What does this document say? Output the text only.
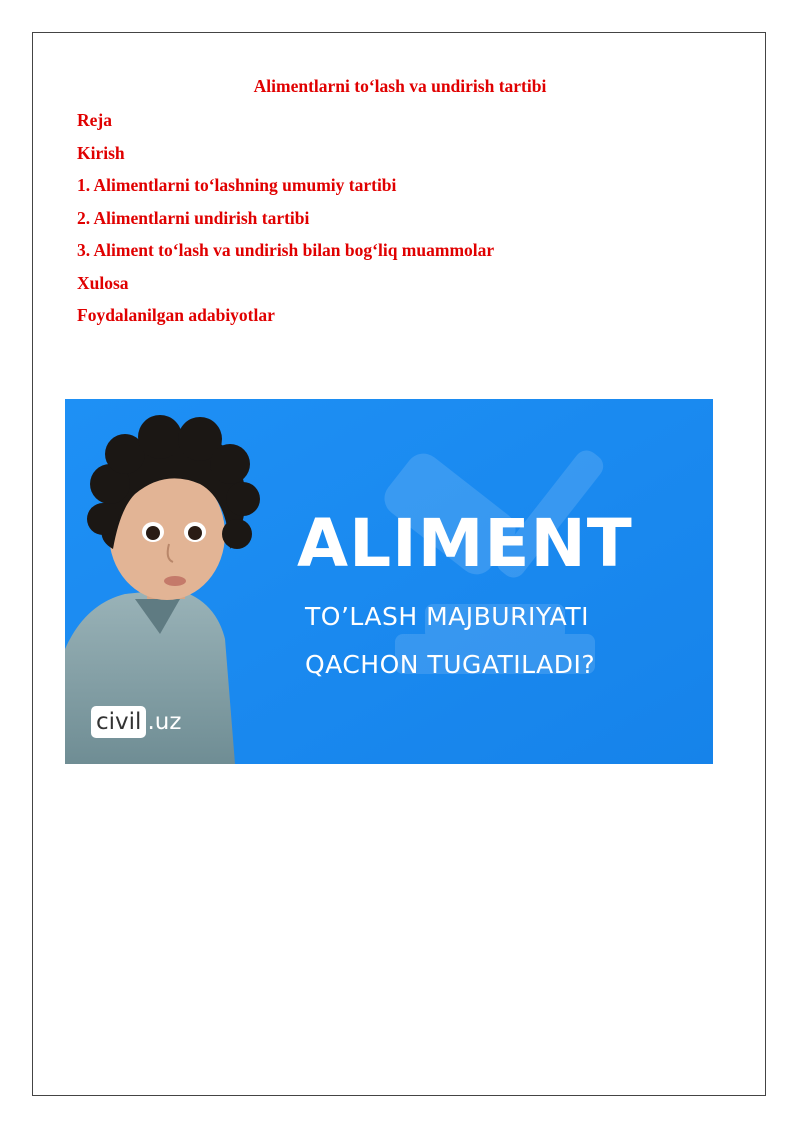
Alimentlarni to‘lash va undirish tartibi
Reja
Kirish
1. Alimentlarni to‘lashning umumiy tartibi
2. Alimentlarni undirish tartibi
3. Aliment to‘lash va undirish bilan bog‘liq muammolar
Xulosa
Foydalanilgan adabiyotlar
ALIMENT
TO’LASH MAJBURIYATI
QACHON TUGATILADI?
civil .uz
